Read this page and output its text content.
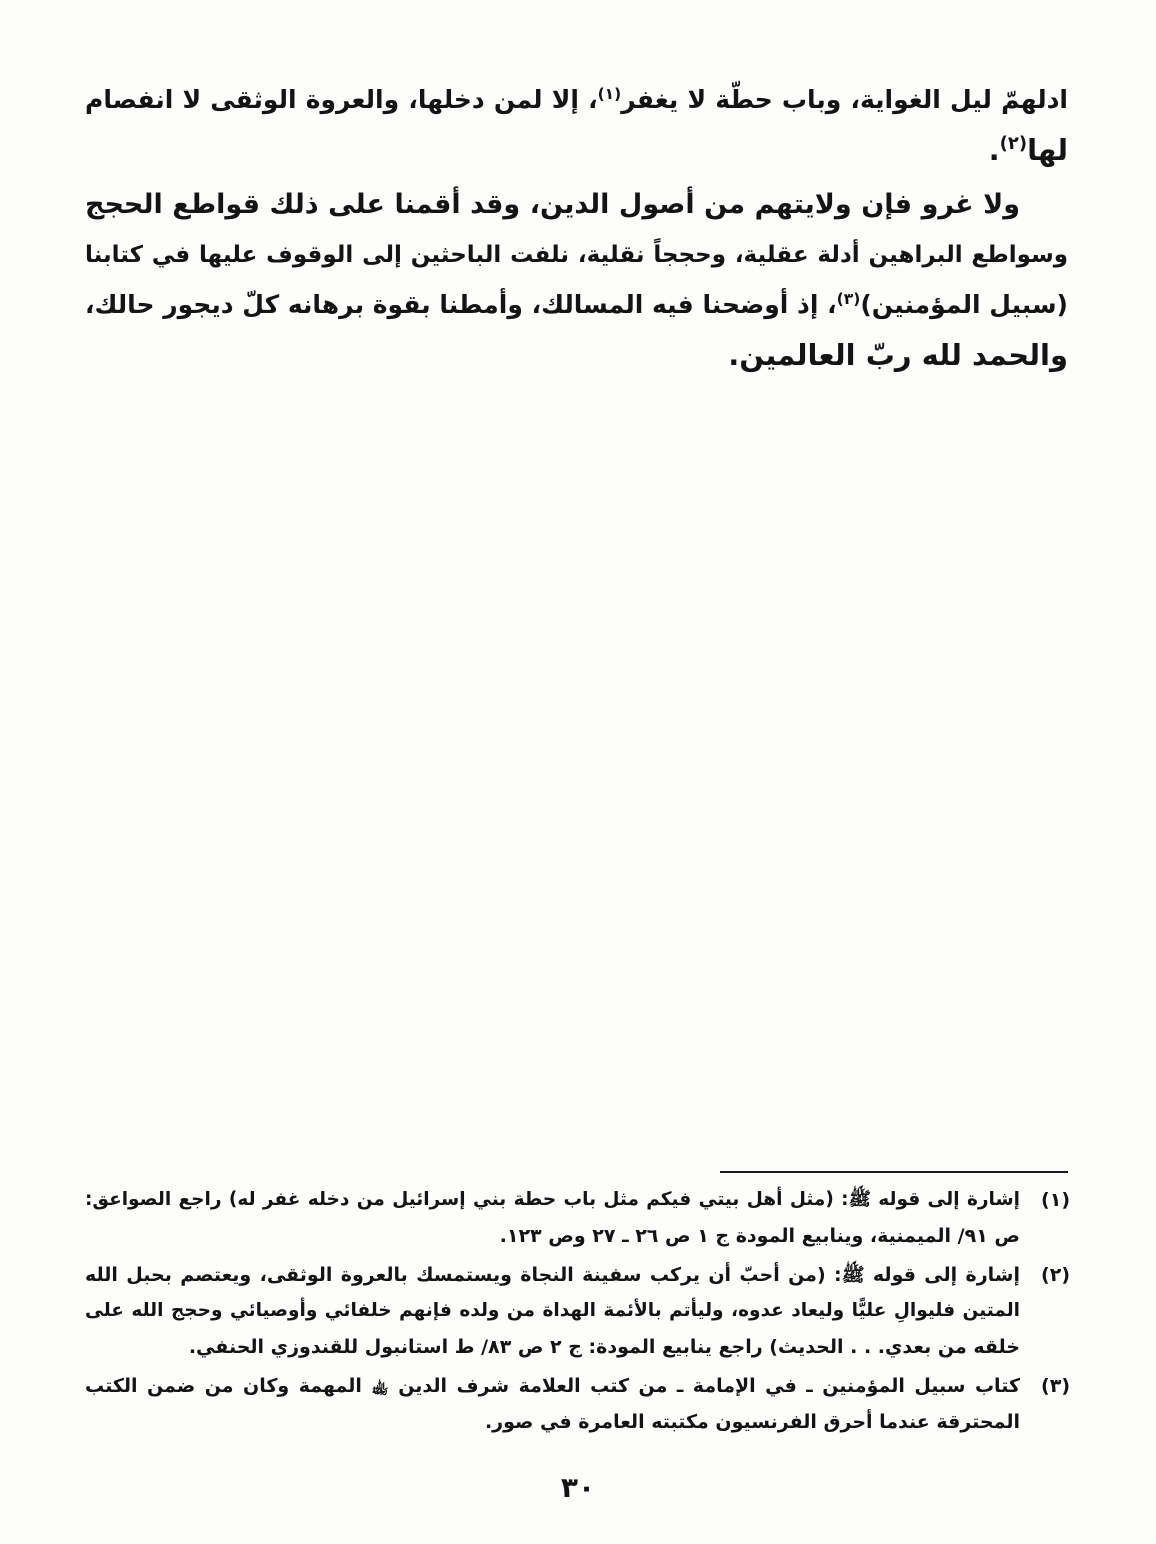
ادلهمّ ليل الغواية، وباب حطّة لا يغفر$^{(١)}$، إلا لمن دخلها، والعروة الوثقى لا انفصام
لها$^{(٢)}$.
ولا غرو فإن ولايتهم من أصول الدين، وقد أقمنا على ذلك قواطع الحجج
وسواطع البراهين أدلة عقلية، وحججاً نقلية، نلفت الباحثين إلى الوقوف عليها في كتابنا
(سبيل المؤمنين)$^{(٣)}$، إذ أوضحنا فيه المسالك، وأمطنا بقوة برهانه كلّ ديجور حالك،
والحمد لله ربّ العالمين.
(١)
إشارة إلى قوله ﷺ: (مثل أهل بيتي فيكم مثل باب حطة بني إسرائيل من دخله غفر له) راجع الصواعق:
ص ٩١/ الميمنية، وينابيع المودة ج ١ ص ٢٦ ـ ٢٧ وص ١٢٣.
(٢)
إشارة إلى قوله ﷺ: (من أحبّ أن يركب سفينة النجاة ويستمسك بالعروة الوثقى، ويعتصم بحبل الله
المتين فليوالِ عليًّا وليعاد عدوه، وليأتم بالأئمة الهداة من ولده فإنهم خلفائي وأوصيائي وحجج الله على
خلقه من بعدي. . . الحديث) راجع ينابيع المودة: ج ٢ ص ٨٣/ ط استانبول للقندوزي الحنفي.
(٣)
كتاب سبيل المؤمنين ـ في الإمامة ـ من كتب العلامة شرف الدين ﵀ المهمة وكان من ضمن الكتب
المحترقة عندما أحرق الفرنسيون مكتبته العامرة في صور.
٣٠
